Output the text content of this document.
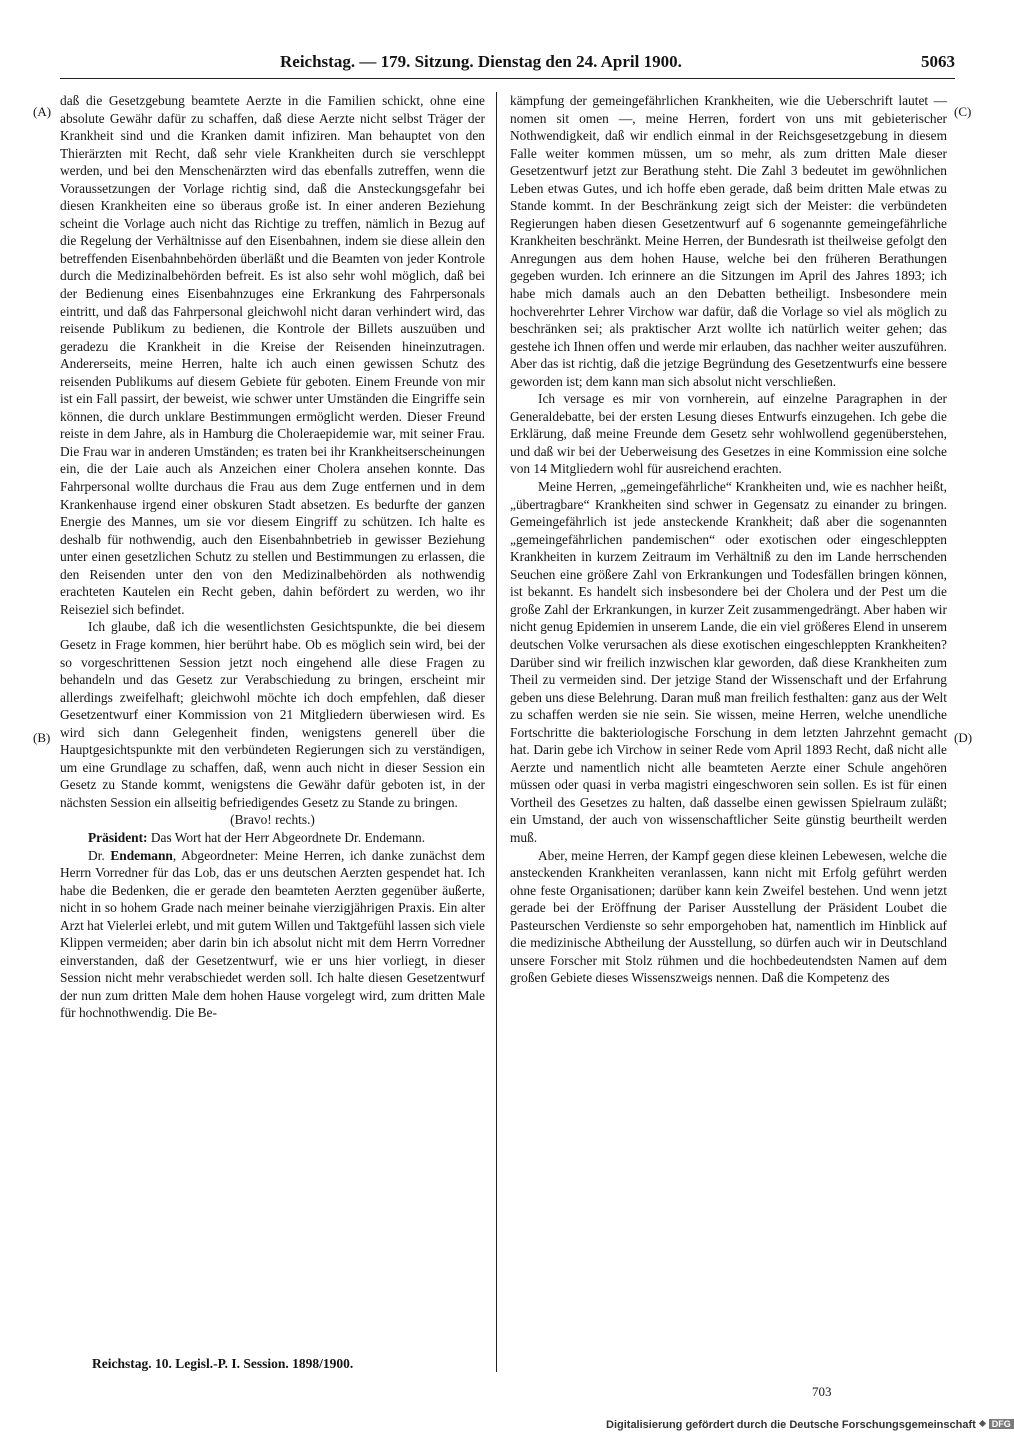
Reichstag. — 179. Sitzung. Dienstag den 24. April 1900.	5063
(A)
(B)
(C)
(D)

daß die Gesetzgebung beamtete Aerzte in die Familien schickt, ohne eine absolute Gewähr dafür zu schaffen, daß diese Aerzte nicht selbst Träger der Krankheit sind und die Kranken damit infiziren. Man behauptet von den Thierärzten mit Recht, daß sehr viele Krankheiten durch sie verschleppt werden, und bei den Menschenärzten wird das ebenfalls zutreffen, wenn die Voraussetzungen der Vorlage richtig sind, daß die Ansteckungsgefahr bei diesen Krankheiten eine so überaus große ist. In einer anderen Beziehung scheint die Vorlage auch nicht das Richtige zu treffen, nämlich in Bezug auf die Regelung der Verhältnisse auf den Eisenbahnen, indem sie diese allein den betreffenden Eisenbahnbehörden überläßt und die Beamten von jeder Kontrole durch die Medizinalbehörden befreit. Es ist also sehr wohl möglich, daß bei der Bedienung eines Eisenbahnzuges eine Erkrankung des Fahrpersonals eintritt, und daß das Fahrpersonal gleichwohl nicht daran verhindert wird, das reisende Publikum zu bedienen, die Kontrole der Billets auszuüben und geradezu die Krankheit in die Kreise der Reisenden hineinzutragen. Andererseits, meine Herren, halte ich auch einen gewissen Schutz des reisenden Publikums auf diesem Gebiete für geboten. Einem Freunde von mir ist ein Fall passirt, der beweist, wie schwer unter Umständen die Eingriffe sein können, die durch unklare Bestimmungen ermöglicht werden. Dieser Freund reiste in dem Jahre, als in Hamburg die Choleraepidemie war, mit seiner Frau. Die Frau war in anderen Umständen; es traten bei ihr Krankheitserscheinungen ein, die der Laie auch als Anzeichen einer Cholera ansehen konnte. Das Fahrpersonal wollte durchaus die Frau aus dem Zuge entfernen und in dem Krankenhause irgend einer obskuren Stadt absetzen. Es bedurfte der ganzen Energie des Mannes, um sie vor diesem Eingriff zu schützen. Ich halte es deshalb für nothwendig, auch den Eisenbahnbetrieb in gewisser Beziehung unter einen gesetzlichen Schutz zu stellen und Bestimmungen zu erlassen, die den Reisenden unter den von den Medizinalbehörden als nothwendig erachteten Kautelen ein Recht geben, dahin befördert zu werden, wo ihr Reiseziel sich befindet.

Ich glaube, daß ich die wesentlichsten Gesichtspunkte, die bei diesem Gesetz in Frage kommen, hier berührt habe. Ob es möglich sein wird, bei der so vorgeschrittenen Session jetzt noch eingehend alle diese Fragen zu behandeln und das Gesetz zur Verabschiedung zu bringen, erscheint mir allerdings zweifelhaft; gleichwohl möchte ich doch empfehlen, daß dieser Gesetzentwurf einer Kommission von 21 Mitgliedern überwiesen wird. Es wird sich dann Gelegenheit finden, wenigstens generell über die Hauptgesichtspunkte mit den verbündeten Regierungen sich zu verständigen, um eine Grundlage zu schaffen, daß, wenn auch nicht in dieser Session ein Gesetz zu Stande kommt, wenigstens die Gewähr dafür geboten ist, in der nächsten Session ein allseitig befriedigendes Gesetz zu Stande zu bringen.

(Bravo! rechts.)

Präsident: Das Wort hat der Herr Abgeordnete Dr. Endemann.

Dr. Endemann, Abgeordneter: Meine Herren, ich danke zunächst dem Herrn Vorredner für das Lob, das er uns deutschen Aerzten gespendet hat. Ich habe die Bedenken, die er gerade den beamteten Aerzten gegenüber äußerte, nicht in so hohem Grade nach meiner beinahe vierzigjährigen Praxis. Ein alter Arzt hat Vielerlei erlebt, und mit gutem Willen und Taktgefühl lassen sich viele Klippen vermeiden; aber darin bin ich absolut nicht mit dem Herrn Vorredner einverstanden, daß der Gesetzentwurf, wie er uns hier vorliegt, in dieser Session nicht mehr verabschiedet werden soll. Ich halte diesen Gesetzentwurf der nun zum dritten Male dem hohen Hause vorgelegt wird, zum dritten Male für hochnothwendig. Die Be-

kämpfung der gemeingefährlichen Krankheiten, wie die Ueberschrift lautet — nomen sit omen —, meine Herren, fordert von uns mit gebieterischer Nothwendigkeit, daß wir endlich einmal in der Reichsgesetzgebung in diesem Falle weiter kommen müssen, um so mehr, als zum dritten Male dieser Gesetzentwurf jetzt zur Berathung steht. Die Zahl 3 bedeutet im gewöhnlichen Leben etwas Gutes, und ich hoffe eben gerade, daß beim dritten Male etwas zu Stande kommt. In der Beschränkung zeigt sich der Meister: die verbündeten Regierungen haben diesen Gesetzentwurf auf 6 sogenannte gemeingefährliche Krankheiten beschränkt. Meine Herren, der Bundesrath ist theilweise gefolgt den Anregungen aus dem hohen Hause, welche bei den früheren Berathungen gegeben wurden. Ich erinnere an die Sitzungen im April des Jahres 1893; ich habe mich damals auch an den Debatten betheiligt. Insbesondere mein hochverehrter Lehrer Virchow war dafür, daß die Vorlage so viel als möglich zu beschränken sei; als praktischer Arzt wollte ich natürlich weiter gehen; das gestehe ich Ihnen offen und werde mir erlauben, das nachher weiter auszuführen. Aber das ist richtig, daß die jetzige Begründung des Gesetzentwurfs eine bessere geworden ist; dem kann man sich absolut nicht verschließen.

Ich versage es mir von vornherein, auf einzelne Paragraphen in der Generaldebatte, bei der ersten Lesung dieses Entwurfs einzugehen. Ich gebe die Erklärung, daß meine Freunde dem Gesetz sehr wohlwollend gegenüberstehen, und daß wir bei der Ueberweisung des Gesetzes in eine Kommission eine solche von 14 Mitgliedern wohl für ausreichend erachten.

Meine Herren, „gemeingefährliche“ Krankheiten und, wie es nachher heißt, „übertragbare“ Krankheiten sind schwer in Gegensatz zu einander zu bringen. Gemeingefährlich ist jede ansteckende Krankheit; daß aber die sogenannten „gemeingefährlichen pandemischen“ oder exotischen oder eingeschleppten Krankheiten in kurzem Zeitraum im Verhältniß zu den im Lande herrschenden Seuchen eine größere Zahl von Erkrankungen und Todesfällen bringen können, ist bekannt. Es handelt sich insbesondere bei der Cholera und der Pest um die große Zahl der Erkrankungen, in kurzer Zeit zusammengedrängt. Aber haben wir nicht genug Epidemien in unserem Lande, die ein viel größeres Elend in unserem deutschen Volke verursachen als diese exotischen eingeschleppten Krankheiten? Darüber sind wir freilich inzwischen klar geworden, daß diese Krankheiten zum Theil zu vermeiden sind. Der jetzige Stand der Wissenschaft und der Erfahrung geben uns diese Belehrung. Daran muß man freilich festhalten: ganz aus der Welt zu schaffen werden sie nie sein. Sie wissen, meine Herren, welche unendliche Fortschritte die bakteriologische Forschung in dem letzten Jahrzehnt gemacht hat. Darin gebe ich Virchow in seiner Rede vom April 1893 Recht, daß nicht alle Aerzte und namentlich nicht alle beamteten Aerzte einer Schule angehören müssen oder quasi in verba magistri eingeschworen sein sollen. Es ist für einen Vortheil des Gesetzes zu halten, daß dasselbe einen gewissen Spielraum zuläßt; ein Umstand, der auch von wissenschaftlicher Seite günstig beurtheilt werden muß.

Aber, meine Herren, der Kampf gegen diese kleinen Lebewesen, welche die ansteckenden Krankheiten veranlassen, kann nicht mit Erfolg geführt werden ohne feste Organisationen; darüber kann kein Zweifel bestehen. Und wenn jetzt gerade bei der Eröffnung der Pariser Ausstellung der Präsident Loubet die Pasteurschen Verdienste so sehr emporgehoben hat, namentlich im Hinblick auf die medizinische Abtheilung der Ausstellung, so dürfen auch wir in Deutschland unsere Forscher mit Stolz rühmen und die hochbedeutendsten Namen auf dem großen Gebiete dieses Wissenszweigs nennen. Daß die Kompetenz des

Reichstag. 10. Legisl.-P. I. Session. 1898/1900.
703
Digitalisierung gefördert durch die Deutsche Forschungsgemeinschaft DFG
